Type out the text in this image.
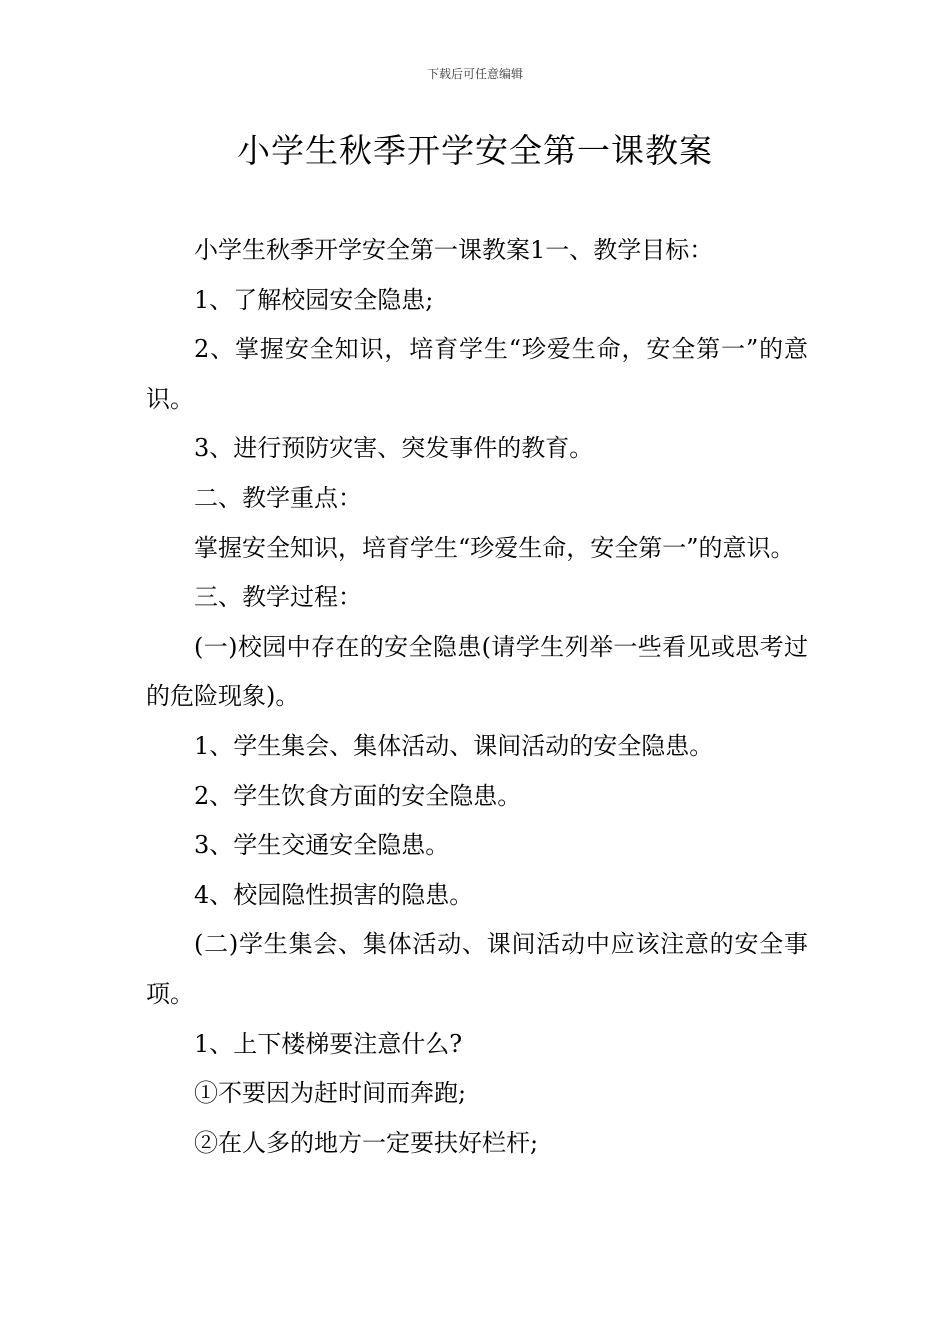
下载后可任意编辑
小学生秋季开学安全第一课教案

小学生秋季开学安全第一课教案1一、教学目标：

1、了解校园安全隐患;

2、掌握安全知识，培育学生“珍爱生命，安全第一”的意识。

3、进行预防灾害、突发事件的教育。

二、教学重点：

掌握安全知识，培育学生“珍爱生命，安全第一”的意识。

三、教学过程：

(一)校园中存在的安全隐患(请学生列举一些看见或思考过的危险现象)。

1、学生集会、集体活动、课间活动的安全隐患。

2、学生饮食方面的安全隐患。

3、学生交通安全隐患。

4、校园隐性损害的隐患。

(二)学生集会、集体活动、课间活动中应该注意的安全事项。

1、上下楼梯要注意什么?

①不要因为赶时间而奔跑;

②在人多的地方一定要扶好栏杆;
